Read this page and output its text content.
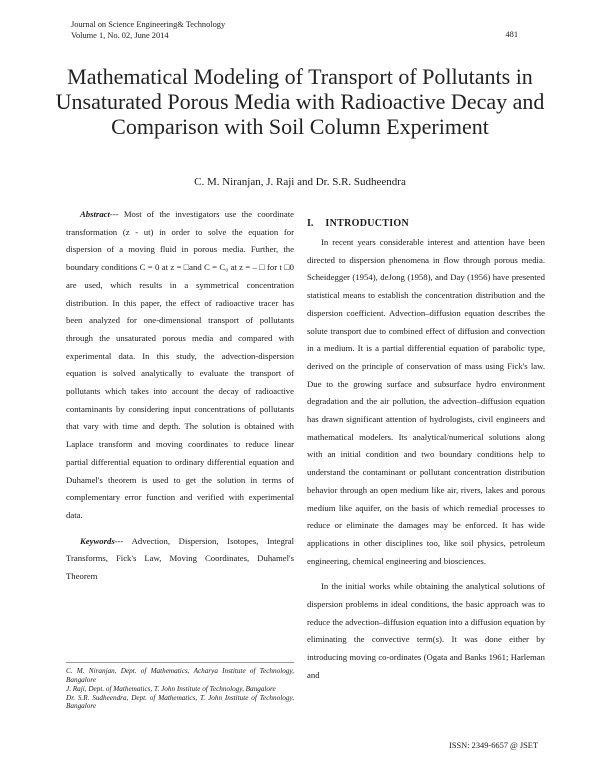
Journal on Science Engineering& Technology
Volume 1, No. 02, June 2014	481
Mathematical Modeling of Transport of Pollutants in Unsaturated Porous Media with Radioactive Decay and Comparison with Soil Column Experiment
C. M. Niranjan, J. Raji and Dr. S.R. Sudheendra

Abstract--- Most of the investigators use the coordinate transformation (z - ut) in order to solve the equation for dispersion of a moving fluid in porous media. Further, the boundary conditions C = 0 at z = □and C = C₀ at z = – □ for t □0 are used, which results in a symmetrical concentration distribution. In this paper, the effect of radioactive tracer has been analyzed for one-dimensional transport of pollutants through the unsaturated porous media and compared with experimental data. In this study, the advection-dispersion equation is solved analytically to evaluate the transport of pollutants which takes into account the decay of radioactive contaminants by considering input concentrations of pollutants that vary with time and depth. The solution is obtained with Laplace transform and moving coordinates to reduce linear partial differential equation to ordinary differential equation and Duhamel's theorem is used to get the solution in terms of complementary error function and verified with experimental data.

Keywords--- Advection, Dispersion, Isotopes, Integral Transforms, Fick's Law, Moving Coordinates, Duhamel's Theorem

C. M. Niranjan, Dept. of Mathematics, Acharya Institute of Technology, Bangalore
J. Raji, Dept. of Mathematics, T. John Institute of Technology, Bangalore
Dr. S.R. Sudheendra, Dept. of Mathematics, T. John Institute of Technology, Bangalore
I. INTRODUCTION

In recent years considerable interest and attention have been directed to dispersion phenomena in flow through porous media. Scheidegger (1954), deJong (1958), and Day (1956) have presented statistical means to establish the concentration distribution and the dispersion coefficient. Advection–diffusion equation describes the solute transport due to combined effect of diffusion and convection in a medium. It is a partial differential equation of parabolic type, derived on the principle of conservation of mass using Fick's law. Due to the growing surface and subsurface hydro environment degradation and the air pollution, the advection–diffusion equation has drawn significant attention of hydrologists, civil engineers and mathematical modelers. Its analytical/numerical solutions along with an initial condition and two boundary conditions help to understand the contaminant or pollutant concentration distribution behavior through an open medium like air, rivers, lakes and porous medium like aquifer, on the basis of which remedial processes to reduce or eliminate the damages may be enforced. It has wide applications in other disciplines too, like soil physics, petroleum engineering, chemical engineering and biosciences.

In the initial works while obtaining the analytical solutions of dispersion problems in ideal conditions, the basic approach was to reduce the advection–diffusion equation into a diffusion equation by eliminating the convective term(s). It was done either by introducing moving co-ordinates (Ogata and Banks 1961; Harleman and

ISSN: 2349-6657 @ JSET
